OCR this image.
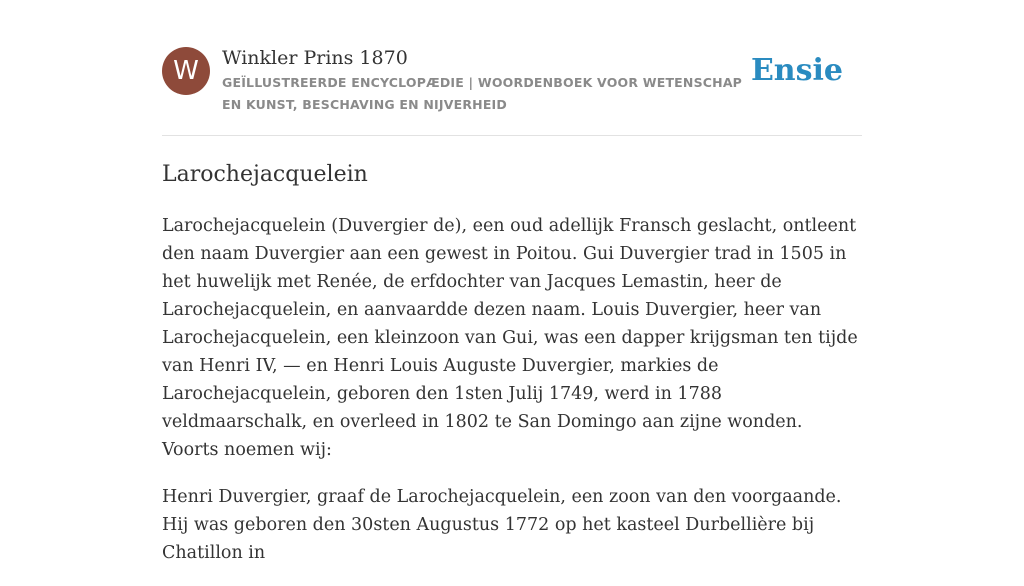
W	Winkler Prins 1870
GEÏLLUSTREERDE ENCYCLOPÆDIE | WOORDENBOEK VOOR WETENSCHAP EN KUNST, BESCHAVING EN NIJVERHEID
Ensie
Larochejacquelein

Larochejacquelein (Duvergier de), een oud adellijk Fransch geslacht, ontleent den naam Duvergier aan een gewest in Poitou. Gui Duvergier trad in 1505 in het huwelijk met Renée, de erfdochter van Jacques Lemastin, heer de Larochejacquelein, en aanvaardde dezen naam. Louis Duvergier, heer van Larochejacquelein, een kleinzoon van Gui, was een dapper krijgsman ten tijde van Henri IV, — en Henri Louis Auguste Duvergier, markies de Larochejacquelein, geboren den 1sten Julij 1749, werd in 1788 veldmaarschalk, en overleed in 1802 te San Domingo aan zijne wonden. Voorts noemen wij:

Henri Duvergier, graaf de Larochejacquelein, een zoon van den voorgaande. Hij was geboren den 30sten Augustus 1772 op het kasteel Durbellière bij Chatillon in
